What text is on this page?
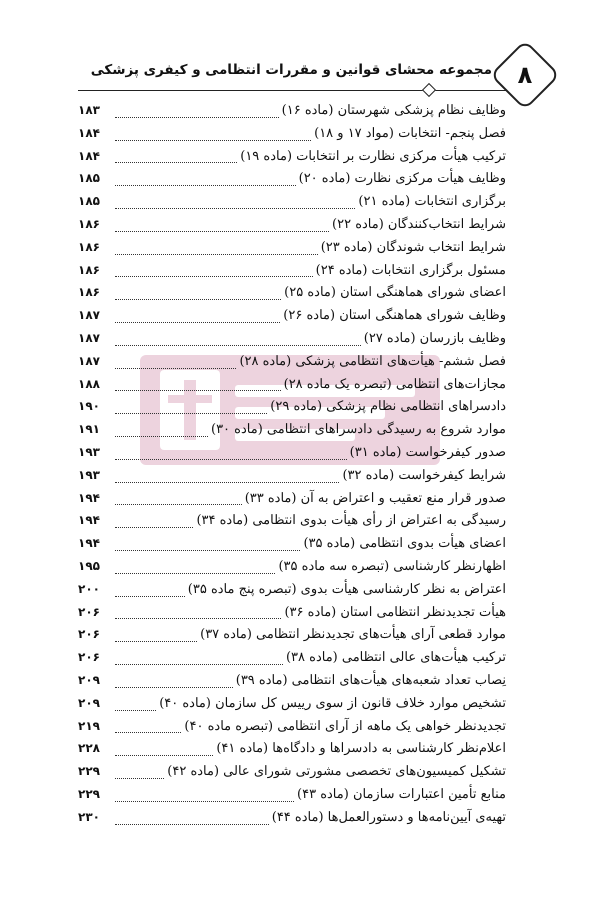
۸
مجموعه محشای قوانین و مقررات انتظامی و کیفری پزشکی
وظایف نظام پزشکی شهرستان (ماده ۱۶)
۱۸۳
فصل پنجم- انتخابات (مواد ۱۷ و ۱۸)
۱۸۴
ترکیب هیأت مرکزی نظارت بر انتخابات (ماده ۱۹)
۱۸۴
وظایف هیأت مرکزی نظارت (ماده ۲۰)
۱۸۵
برگزاری انتخابات (ماده ۲۱)
۱۸۵
شرایط انتخاب‌کنندگان (ماده ۲۲)
۱۸۶
شرایط انتخاب شوندگان (ماده ۲۳)
۱۸۶
مسئول برگزاری انتخابات (ماده ۲۴)
۱۸۶
اعضای شورای هماهنگی استان (ماده ۲۵)
۱۸۶
وظایف شورای هماهنگی استان (ماده ۲۶)
۱۸۷
وظایف بازرسان (ماده ۲۷)
۱۸۷
فصل ششم- هیأت‌های انتظامی پزشکی (ماده ۲۸)
۱۸۷
مجازات‌های انتظامی (تبصره یک ماده ۲۸)
۱۸۸
دادسراهای انتظامی نظام پزشکی (ماده ۲۹)
۱۹۰
موارد شروع به رسیدگی دادسراهای انتظامی (ماده ۳۰)
۱۹۱
صدور کیفرخواست (ماده ۳۱)
۱۹۳
شرایط کیفرخواست (ماده ۳۲)
۱۹۳
صدور قرار منع تعقیب و اعتراض به آن (ماده ۳۳)
۱۹۴
رسیدگی به اعتراض از رأی هیأت بدوی انتظامی (ماده ۳۴)
۱۹۴
اعضای هیأت بدوی انتظامی (ماده ۳۵)
۱۹۴
اظهارنظر کارشناسی (تبصره سه ماده ۳۵)
۱۹۵
اعتراض به نظر کارشناسی هیأت بدوی (تبصره پنج ماده ۳۵)
۲۰۰
هیأت تجدیدنظر انتظامی استان (ماده ۳۶)
۲۰۶
موارد قطعی آرای هیأت‌های تجدیدنظر انتظامی (ماده ۳۷)
۲۰۶
ترکیب هیأت‌های عالی انتظامی (ماده ۳۸)
۲۰۶
نِصاب تعداد شعبه‌های هیأت‌های انتظامی (ماده ۳۹)
۲۰۹
تشخیص موارد خلاف قانون از سوی رییس کل سازمان (ماده ۴۰)
۲۰۹
تجدیدنظر خواهی یک ماهه از آرای انتظامی (تبصره ماده ۴۰)
۲۱۹
اعلام‌نظر کارشناسی به دادسراها و دادگاه‌ها (ماده ۴۱)
۲۲۸
تشکیل کمیسیون‌های تخصصی مشورتی شورای عالی (ماده ۴۲)
۲۲۹
منابع تأمین اعتبارات سازمان (ماده ۴۳)
۲۲۹
تهیه‌ی آیین‌نامه‌ها و دستورالعمل‌ها (ماده ۴۴)
۲۳۰
